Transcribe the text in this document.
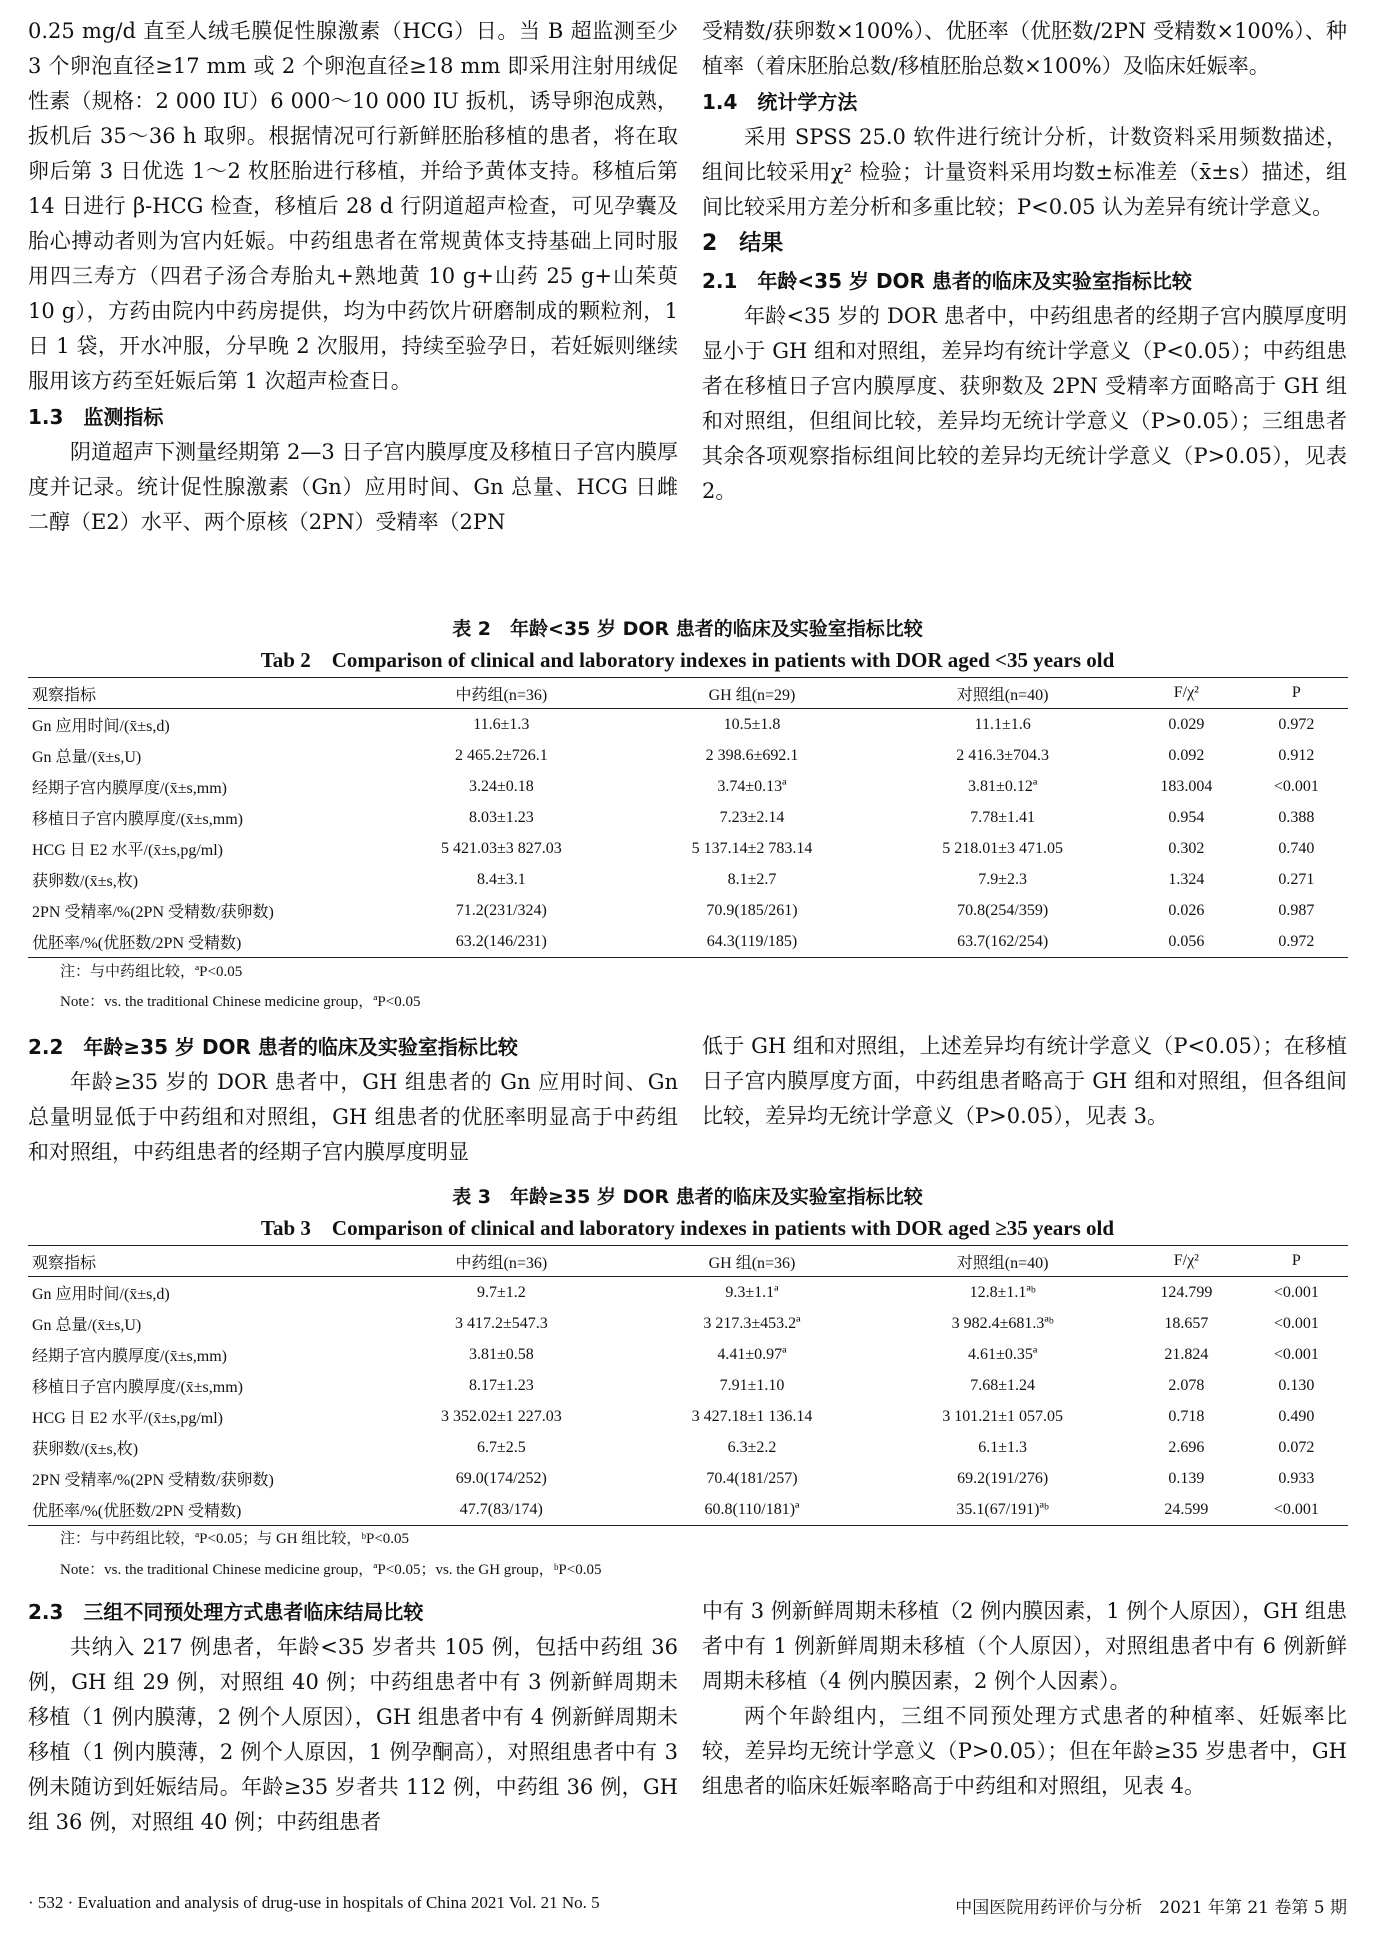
0.25 mg/d 直至人绒毛膜促性腺激素（HCG）日。当 B 超监测至少 3 个卵泡直径≥17 mm 或 2 个卵泡直径≥18 mm 即采用注射用绒促性素（规格：2 000 IU）6 000～10 000 IU 扳机，诱导卵泡成熟，扳机后 35～36 h 取卵。根据情况可行新鲜胚胎移植的患者，将在取卵后第 3 日优选 1～2 枚胚胎进行移植，并给予黄体支持。移植后第 14 日进行 β-HCG 检查，移植后 28 d 行阴道超声检查，可见孕囊及胎心搏动者则为宫内妊娠。中药组患者在常规黄体支持基础上同时服用四三寿方（四君子汤合寿胎丸+熟地黄 10 g+山药 25 g+山茱萸 10 g），方药由院内中药房提供，均为中药饮片研磨制成的颗粒剂，1 日 1 袋，开水冲服，分早晚 2 次服用，持续至验孕日，若妊娠则继续服用该方药至妊娠后第 1 次超声检查日。

1.3　监测指标

阴道超声下测量经期第 2—3 日子宫内膜厚度及移植日子宫内膜厚度并记录。统计促性腺激素（Gn）应用时间、Gn 总量、HCG 日雌二醇（E2）水平、两个原核（2PN）受精率（2PN

受精数/获卵数×100%）、优胚率（优胚数/2PN 受精数×100%）、种植率（着床胚胎总数/移植胚胎总数×100%）及临床妊娠率。

1.4　统计学方法

采用 SPSS 25.0 软件进行统计分析，计数资料采用频数描述，组间比较采用χ² 检验；计量资料采用均数±标准差（x̄±s）描述，组间比较采用方差分析和多重比较；P<0.05 认为差异有统计学意义。

2　结果
2.1　年龄<35 岁 DOR 患者的临床及实验室指标比较

年龄<35 岁的 DOR 患者中，中药组患者的经期子宫内膜厚度明显小于 GH 组和对照组，差异均有统计学意义（P<0.05）；中药组患者在移植日子宫内膜厚度、获卵数及 2PN 受精率方面略高于 GH 组和对照组，但组间比较，差异均无统计学意义（P>0.05）；三组患者其余各项观察指标组间比较的差异均无统计学意义（P>0.05），见表 2。

表 2　年龄<35 岁 DOR 患者的临床及实验室指标比较
Tab 2　Comparison of clinical and laboratory indexes in patients with DOR aged <35 years old
观察指标	中药组(n=36)	GH 组(n=29)	对照组(n=40)	F/χ²	P
Gn 应用时间/(x̄±s,d)	11.6±1.3	10.5±1.8	11.1±1.6	0.029	0.972
Gn 总量/(x̄±s,U)	2 465.2±726.1	2 398.6±692.1	2 416.3±704.3	0.092	0.912
经期子宫内膜厚度/(x̄±s,mm)	3.24±0.18	3.74±0.13ª	3.81±0.12ª	183.004	<0.001
移植日子宫内膜厚度/(x̄±s,mm)	8.03±1.23	7.23±2.14	7.78±1.41	0.954	0.388
HCG 日 E2 水平/(x̄±s,pg/ml)	5 421.03±3 827.03	5 137.14±2 783.14	5 218.01±3 471.05	0.302	0.740
获卵数/(x̄±s,枚)	8.4±3.1	8.1±2.7	7.9±2.3	1.324	0.271
2PN 受精率/%(2PN 受精数/获卵数)	71.2(231/324)	70.9(185/261)	70.8(254/359)	0.026	0.987
优胚率/%(优胚数/2PN 受精数)	63.2(146/231)	64.3(119/185)	63.7(162/254)	0.056	0.972
注：与中药组比较，ªP<0.05
Note：vs. the traditional Chinese medicine group，ªP<0.05
2.2　年龄≥35 岁 DOR 患者的临床及实验室指标比较

年龄≥35 岁的 DOR 患者中，GH 组患者的 Gn 应用时间、Gn 总量明显低于中药组和对照组，GH 组患者的优胚率明显高于中药组和对照组，中药组患者的经期子宫内膜厚度明显

低于 GH 组和对照组，上述差异均有统计学意义（P<0.05）；在移植日子宫内膜厚度方面，中药组患者略高于 GH 组和对照组，但各组间比较，差异均无统计学意义（P>0.05），见表 3。

表 3　年龄≥35 岁 DOR 患者的临床及实验室指标比较
Tab 3　Comparison of clinical and laboratory indexes in patients with DOR aged ≥35 years old
观察指标	中药组(n=36)	GH 组(n=36)	对照组(n=40)	F/χ²	P
Gn 应用时间/(x̄±s,d)	9.7±1.2	9.3±1.1ª	12.8±1.1ªᵇ	124.799	<0.001
Gn 总量/(x̄±s,U)	3 417.2±547.3	3 217.3±453.2ª	3 982.4±681.3ªᵇ	18.657	<0.001
经期子宫内膜厚度/(x̄±s,mm)	3.81±0.58	4.41±0.97ª	4.61±0.35ª	21.824	<0.001
移植日子宫内膜厚度/(x̄±s,mm)	8.17±1.23	7.91±1.10	7.68±1.24	2.078	0.130
HCG 日 E2 水平/(x̄±s,pg/ml)	3 352.02±1 227.03	3 427.18±1 136.14	3 101.21±1 057.05	0.718	0.490
获卵数/(x̄±s,枚)	6.7±2.5	6.3±2.2	6.1±1.3	2.696	0.072
2PN 受精率/%(2PN 受精数/获卵数)	69.0(174/252)	70.4(181/257)	69.2(191/276)	0.139	0.933
优胚率/%(优胚数/2PN 受精数)	47.7(83/174)	60.8(110/181)ª	35.1(67/191)ªᵇ	24.599	<0.001
注：与中药组比较，ªP<0.05；与 GH 组比较，ᵇP<0.05
Note：vs. the traditional Chinese medicine group，ªP<0.05；vs. the GH group，ᵇP<0.05
2.3　三组不同预处理方式患者临床结局比较

共纳入 217 例患者，年龄<35 岁者共 105 例，包括中药组 36 例，GH 组 29 例，对照组 40 例；中药组患者中有 3 例新鲜周期未移植（1 例内膜薄，2 例个人原因），GH 组患者中有 4 例新鲜周期未移植（1 例内膜薄，2 例个人原因，1 例孕酮高），对照组患者中有 3 例未随访到妊娠结局。年龄≥35 岁者共 112 例，中药组 36 例，GH 组 36 例，对照组 40 例；中药组患者

中有 3 例新鲜周期未移植（2 例内膜因素，1 例个人原因），GH 组患者中有 1 例新鲜周期未移植（个人原因），对照组患者中有 6 例新鲜周期未移植（4 例内膜因素，2 例个人因素）。

两个年龄组内，三组不同预处理方式患者的种植率、妊娠率比较，差异均无统计学意义（P>0.05）；但在年龄≥35 岁患者中，GH 组患者的临床妊娠率略高于中药组和对照组，见表 4。

· 532 · Evaluation and analysis of drug-use in hospitals of China 2021 Vol. 21 No. 5	中国医院用药评价与分析　2021 年第 21 卷第 5 期
